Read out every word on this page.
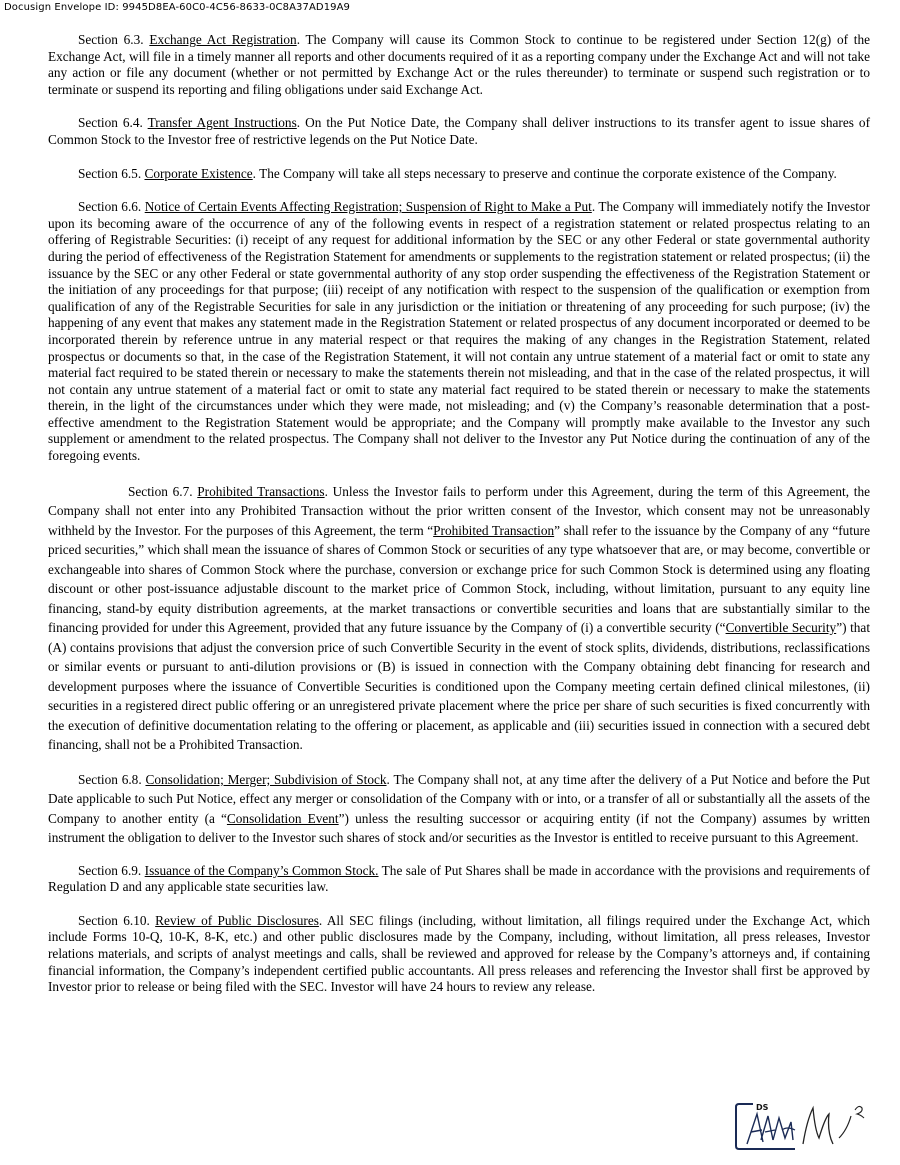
Docusign Envelope ID: 9945D8EA-60C0-4C56-8633-0C8A37AD19A9

Section 6.3. Exchange Act Registration. The Company will cause its Common Stock to continue to be registered under Section 12(g) of the Exchange Act, will file in a timely manner all reports and other documents required of it as a reporting company under the Exchange Act and will not take any action or file any document (whether or not permitted by Exchange Act or the rules thereunder) to terminate or suspend such registration or to terminate or suspend its reporting and filing obligations under said Exchange Act.

Section 6.4. Transfer Agent Instructions. On the Put Notice Date, the Company shall deliver instructions to its transfer agent to issue shares of Common Stock to the Investor free of restrictive legends on the Put Notice Date.

Section 6.5. Corporate Existence. The Company will take all steps necessary to preserve and continue the corporate existence of the Company.

Section 6.6. Notice of Certain Events Affecting Registration; Suspension of Right to Make a Put. The Company will immediately notify the Investor upon its becoming aware of the occurrence of any of the following events in respect of a registration statement or related prospectus relating to an offering of Registrable Securities: (i) receipt of any request for additional information by the SEC or any other Federal or state governmental authority during the period of effectiveness of the Registration Statement for amendments or supplements to the registration statement or related prospectus; (ii) the issuance by the SEC or any other Federal or state governmental authority of any stop order suspending the effectiveness of the Registration Statement or the initiation of any proceedings for that purpose; (iii) receipt of any notification with respect to the suspension of the qualification or exemption from qualification of any of the Registrable Securities for sale in any jurisdiction or the initiation or threatening of any proceeding for such purpose; (iv) the happening of any event that makes any statement made in the Registration Statement or related prospectus of any document incorporated or deemed to be incorporated therein by reference untrue in any material respect or that requires the making of any changes in the Registration Statement, related prospectus or documents so that, in the case of the Registration Statement, it will not contain any untrue statement of a material fact or omit to state any material fact required to be stated therein or necessary to make the statements therein not misleading, and that in the case of the related prospectus, it will not contain any untrue statement of a material fact or omit to state any material fact required to be stated therein or necessary to make the statements therein, in the light of the circumstances under which they were made, not misleading; and (v) the Company’s reasonable determination that a post-effective amendment to the Registration Statement would be appropriate; and the Company will promptly make available to the Investor any such supplement or amendment to the related prospectus. The Company shall not deliver to the Investor any Put Notice during the continuation of any of the foregoing events.

Section 6.7. Prohibited Transactions. Unless the Investor fails to perform under this Agreement, during the term of this Agreement, the Company shall not enter into any Prohibited Transaction without the prior written consent of the Investor, which consent may not be unreasonably withheld by the Investor. For the purposes of this Agreement, the term “Prohibited Transaction” shall refer to the issuance by the Company of any “future priced securities,” which shall mean the issuance of shares of Common Stock or securities of any type whatsoever that are, or may become, convertible or exchangeable into shares of Common Stock where the purchase, conversion or exchange price for such Common Stock is determined using any floating discount or other post-issuance adjustable discount to the market price of Common Stock, including, without limitation, pursuant to any equity line financing, stand-by equity distribution agreements, at the market transactions or convertible securities and loans that are substantially similar to the financing provided for under this Agreement, provided that any future issuance by the Company of (i) a convertible security (“Convertible Security”) that (A) contains provisions that adjust the conversion price of such Convertible Security in the event of stock splits, dividends, distributions, reclassifications or similar events or pursuant to anti-dilution provisions or (B) is issued in connection with the Company obtaining debt financing for research and development purposes where the issuance of Convertible Securities is conditioned upon the Company meeting certain defined clinical milestones, (ii) securities in a registered direct public offering or an unregistered private placement where the price per share of such securities is fixed concurrently with the execution of definitive documentation relating to the offering or placement, as applicable and (iii) securities issued in connection with a secured debt financing, shall not be a Prohibited Transaction.

Section 6.8. Consolidation; Merger; Subdivision of Stock. The Company shall not, at any time after the delivery of a Put Notice and before the Put Date applicable to such Put Notice, effect any merger or consolidation of the Company with or into, or a transfer of all or substantially all the assets of the Company to another entity (a “Consolidation Event”) unless the resulting successor or acquiring entity (if not the Company) assumes by written instrument the obligation to deliver to the Investor such shares of stock and/or securities as the Investor is entitled to receive pursuant to this Agreement.

Section 6.9. Issuance of the Company’s Common Stock. The sale of Put Shares shall be made in accordance with the provisions and requirements of Regulation D and any applicable state securities law.

Section 6.10. Review of Public Disclosures. All SEC filings (including, without limitation, all filings required under the Exchange Act, which include Forms 10-Q, 10-K, 8-K, etc.) and other public disclosures made by the Company, including, without limitation, all press releases, Investor relations materials, and scripts of analyst meetings and calls, shall be reviewed and approved for release by the Company’s attorneys and, if containing financial information, the Company’s independent certified public accountants. All press releases and referencing the Investor shall first be approved by Investor prior to release or being filed with the SEC. Investor will have 24 hours to review any release.

DS
